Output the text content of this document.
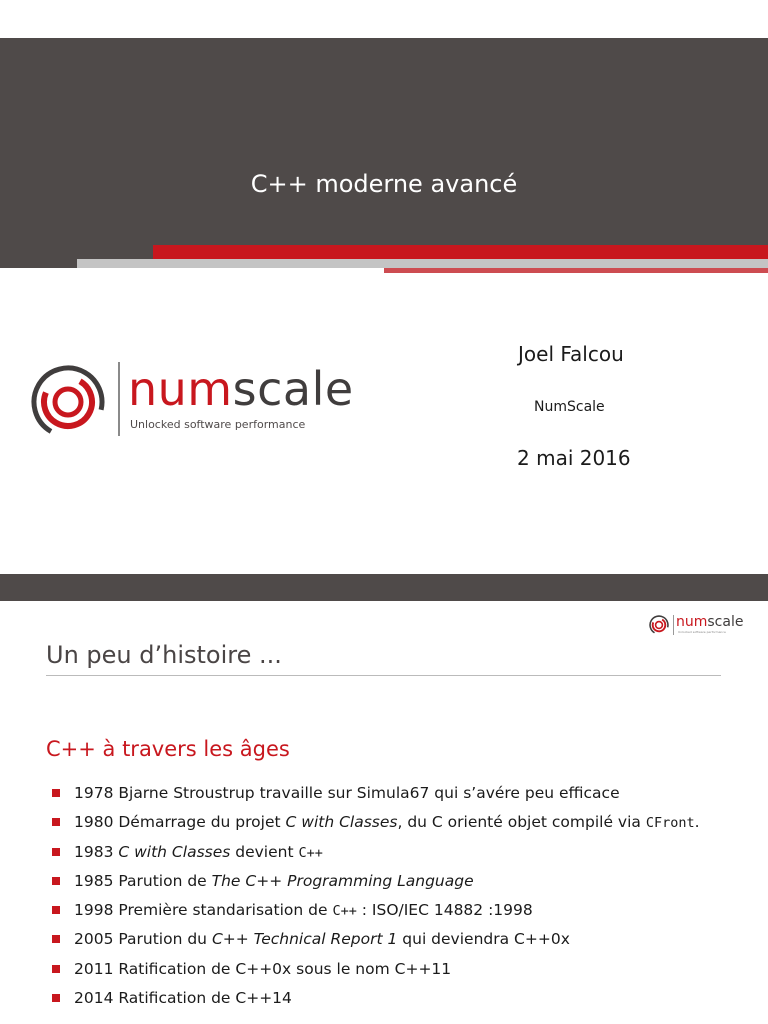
C++ moderne avancé
numscale
Unlocked software performance
Joel Falcou
NumScale
2 mai 2016
numscale
Unlocked software performance
Un peu d’histoire ...
C++ à travers les âges
1978 Bjarne Stroustrup travaille sur Simula67 qui s’avére peu efficace
1980 Démarrage du projet C with Classes, du C orienté objet compilé via CFront.
1983 C with Classes devient C++
1985 Parution de The C++ Programming Language
1998 Première standarisation de C++ : ISO/IEC 14882 :1998
2005 Parution du C++ Technical Report 1 qui deviendra C++0x
2011 Ratification de C++0x sous le nom C++11
2014 Ratification de C++14
